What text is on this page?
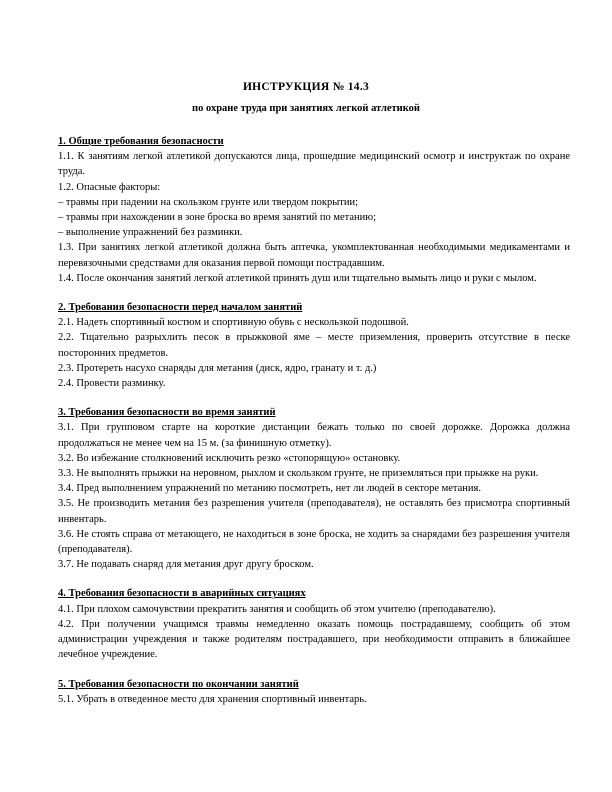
ИНСТРУКЦИЯ № 14.3
по охране труда при занятиях легкой атлетикой
1. Общие требования безопасности
1.1. К занятиям легкой атлетикой допускаются лица, прошедшие медицинский осмотр и инструктаж по охране труда.
1.2. Опасные факторы:
– травмы при падении на скользком грунте или твердом покрытии;
– травмы при нахождении в зоне броска во время занятий по метанию;
– выполнение упражнений без разминки.
1.3. При занятиях легкой атлетикой должна быть аптечка, укомплектованная необходимыми медикаментами и перевязочными средствами для оказания первой помощи пострадавшим.
1.4. После окончания занятий легкой атлетикой принять душ или тщательно вымыть лицо и руки с мылом.
2. Требования безопасности перед началом занятий
2.1. Надеть спортивный костюм и спортивную обувь с нескользкой подошвой.
2.2. Тщательно разрыхлить песок в прыжковой яме – месте приземления, проверить отсутствие в песке посторонних предметов.
2.3. Протереть насухо снаряды для метания (диск, ядро, гранату и т. д.)
2.4. Провести разминку.
3. Требования безопасности во время занятий
3.1. При групповом старте на короткие дистанции бежать только по своей дорожке. Дорожка должна продолжаться не менее чем на 15 м. (за финишную отметку).
3.2. Во избежание столкновений исключить резко «стопорящую» остановку.
3.3. Не выполнять прыжки на неровном, рыхлом и скользком грунте, не приземляться при прыжке на руки.
3.4. Пред выполнением упражнений по метанию посмотреть, нет ли людей в секторе метания.
3.5. Не производить метания без разрешения учителя (преподавателя), не оставлять без присмотра спортивный инвентарь.
3.6. Не стоять справа от метающего, не находиться в зоне броска, не ходить за снарядами без разрешения учителя (преподавателя).
3.7. Не подавать снаряд для метания друг другу броском.
4. Требования безопасности в аварийных ситуациях
4.1. При плохом самочувствии прекратить занятия и сообщить об этом учителю (преподавателю).
4.2. При получении учащимся травмы немедленно оказать помощь пострадавшему, сообщить об этом администрации учреждения и также родителям пострадавшего, при необходимости отправить в ближайшее лечебное учреждение.
5. Требования безопасности по окончании занятий
5.1. Убрать в отведенное место для хранения спортивный инвентарь.
